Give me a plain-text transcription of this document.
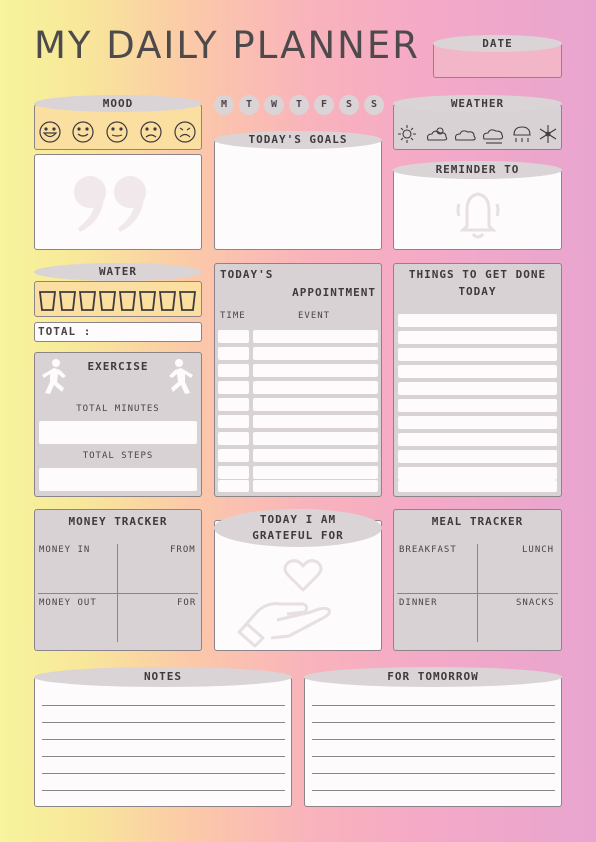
MY DAILY PLANNER	DATE
MOOD	M	T	W	T	F	S	S	WEATHER
TODAY'S GOALS
REMINDER TO
WATER
TOTAL :
EXERCISE
TOTAL MINUTES
TOTAL STEPS
TODAY'S
APPOINTMENT
TIME	EVENT
THINGS TO GET DONE
TODAY
MONEY TRACKER
MONEY IN	FROM
MONEY OUT	FOR
TODAY I AM
GRATEFUL FOR
MEAL TRACKER
BREAKFAST	LUNCH
DINNER	SNACKS
NOTES	FOR TOMORROW
